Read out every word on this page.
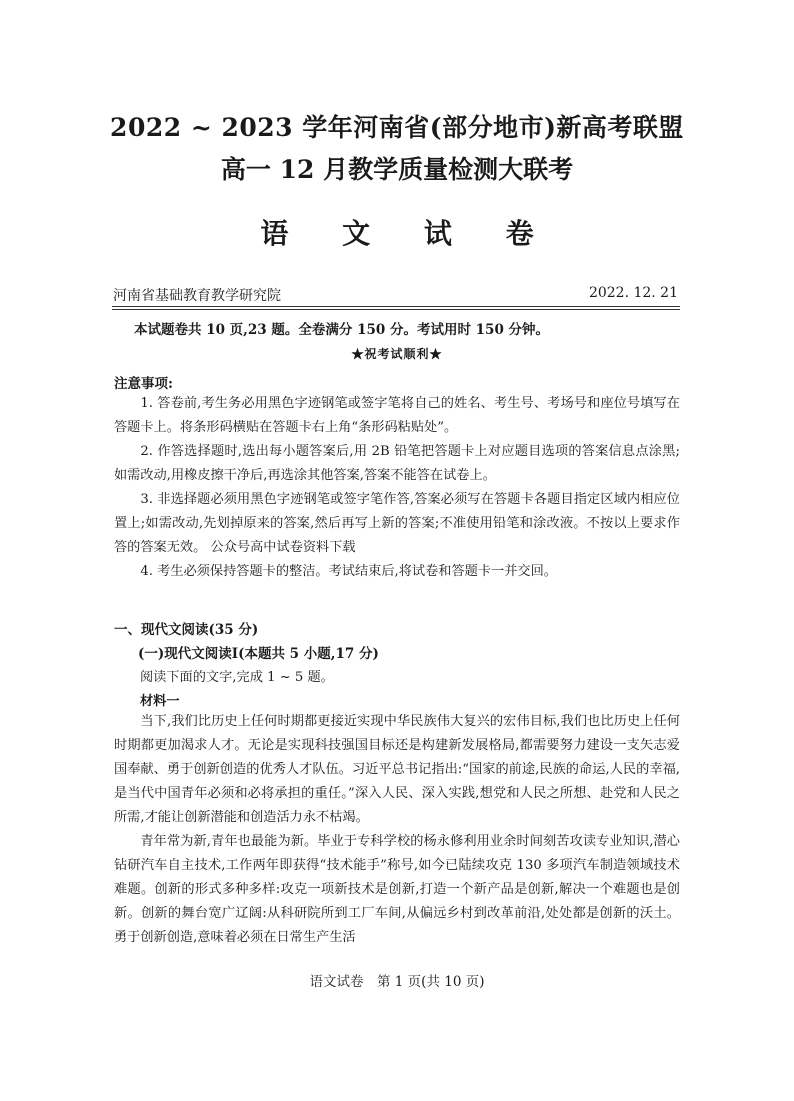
2022 ~ 2023 学年河南省(部分地市)新高考联盟
高一 12 月教学质量检测大联考
语 文 试 卷
河南省基础教育教学研究院	2022. 12. 21
本试题卷共 10 页,23 题。全卷满分 150 分。考试用时 150 分钟。
★祝考试顺利★
注意事项:
1. 答卷前,考生务必用黑色字迹钢笔或签字笔将自己的姓名、考生号、考场号和座位号填写在答题卡上。将条形码横贴在答题卡右上角“条形码粘贴处”。
2. 作答选择题时,选出每小题答案后,用 2B 铅笔把答题卡上对应题目选项的答案信息点涂黑;如需改动,用橡皮擦干净后,再选涂其他答案,答案不能答在试卷上。
3. 非选择题必须用黑色字迹钢笔或签字笔作答,答案必须写在答题卡各题目指定区域内相应位置上;如需改动,先划掉原来的答案,然后再写上新的答案;不准使用铅笔和涂改液。不按以上要求作答的答案无效。 公众号高中试卷资料下载
4. 考生必须保持答题卡的整洁。考试结束后,将试卷和答题卡一并交回。
一、现代文阅读(35 分)
(一)现代文阅读Ⅰ(本题共 5 小题,17 分)
阅读下面的文字,完成 1 ~ 5 题。
材料一
当下,我们比历史上任何时期都更接近实现中华民族伟大复兴的宏伟目标,我们也比历史上任何时期都更加渴求人才。无论是实现科技强国目标还是构建新发展格局,都需要努力建设一支矢志爱国奉献、勇于创新创造的优秀人才队伍。习近平总书记指出:“国家的前途,民族的命运,人民的幸福,是当代中国青年必须和必将承担的重任。”深入人民、深入实践,想党和人民之所想、赴党和人民之所需,才能让创新潜能和创造活力永不枯竭。
青年常为新,青年也最能为新。毕业于专科学校的杨永修利用业余时间刻苦攻读专业知识,潜心钻研汽车自主技术,工作两年即获得“技术能手”称号,如今已陆续攻克 130 多项汽车制造领域技术难题。创新的形式多种多样:攻克一项新技术是创新,打造一个新产品是创新,解决一个难题也是创新。创新的舞台宽广辽阔:从科研院所到工厂车间,从偏远乡村到改革前沿,处处都是创新的沃土。勇于创新创造,意味着必须在日常生产生活
语文试卷　第 1 页(共 10 页)
